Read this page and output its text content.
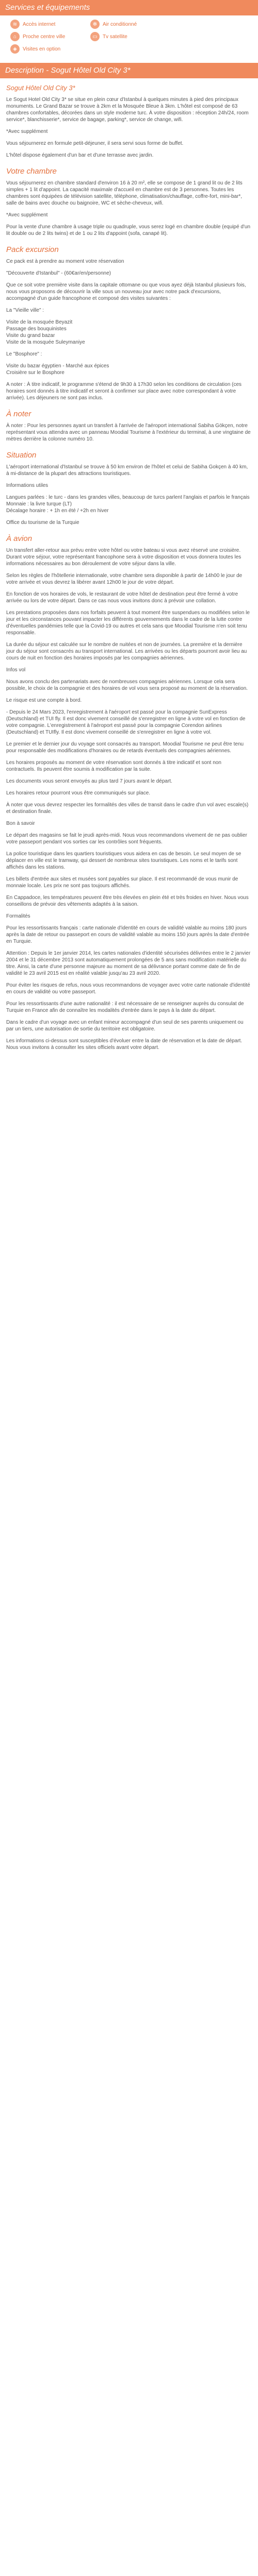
Services et équipements
≋	Accès internet	✻	Air conditionné
⌂	Proche centre ville	▭	Tv satellite
◈	Visites en option
Description - Sogut Hôtel Old City 3*
Sogut Hôtel Old City 3*

Le Sogut Hotel Old City 3* se situe en plein cœur d'Istanbul à quelques minutes à pied des principaux monuments. Le Grand Bazar se trouve à 2km et la Mosquée Bleue à 3km. L'hôtel est composé de 63 chambres confortables, décorées dans un style moderne turc. À votre disposition : réception 24h/24, room service*, blanchisserie*, service de bagage, parking*, service de change, wifi.

*Avec supplément

Vous séjournerez en formule petit-déjeuner, il sera servi sous forme de buffet.

L'hôtel dispose également d'un bar et d'une terrasse avec jardin.

Votre chambre

Vous séjournerez en chambre standard d'environ 16 à 20 m², elle se compose de 1 grand lit ou de 2 lits simples + 1 lit d'appoint. La capacité maximale d'accueil en chambre est de 3 personnes. Toutes les chambres sont équipées de télévision satellite, téléphone, climatisation/chauffage, coffre-fort, mini-bar*, salle de bains avec douche ou baignoire, WC et sèche-cheveux, wifi.

*Avec supplément

Pour la vente d'une chambre à usage triple ou quadruple, vous serez logé en chambre double (equipé d'un lit double ou de 2 lits twins) et de 1 ou 2 lits d'appoint (sofa, canapé lit).

Pack excursion

Ce pack est à prendre au moment votre réservation

"Découverte d'Istanbul" - (60€ar/en/personne)

Que ce soit votre première visite dans la capitale ottomane ou que vous ayez déjà Istanbul plusieurs fois, nous vous proposons de découvrir la ville sous un nouveau jour avec notre pack d'excursions, accompagné d'un guide francophone et composé des visites suivantes :

La "Vieille ville" :

Visite de la mosquée Beyazit
Passage des bouquinistes
Visite du grand bazar
Visite de la mosquée Suleymaniye

Le "Bosphore" :

Visite du bazar égyptien - Marché aux épices
Croisière sur le Bosphore

A noter : À titre indicatif, le programme s'étend de 9h30 à 17h30 selon les conditions de circulation (ces horaires sont donnés à titre indicatif et seront à confirmer sur place avec notre correspondant à votre arrivée). Les déjeuners ne sont pas inclus.

À noter

À noter : Pour les personnes ayant un transfert à l'arrivée de l'aéroport international Sabiha Gökçen, notre représentant vous attendra avec un panneau Moodial Tourisme à l'extérieur du terminal, à une vingtaine de mètres derrière la colonne numéro 10.

Situation

L'aéroport international d'Istanbul se trouve à 50 km environ de l'hôtel et celui de Sabiha Gokçen à 40 km, à mi-distance de la plupart des attractions touristiques.

Informations utiles

Langues parlées : le turc - dans les grandes villes, beaucoup de turcs parlent l'anglais et parfois le français
Monnaie : la livre turque (LT)
Décalage horaire : + 1h en été / +2h en hiver

Office du tourisme de la Turquie

À avion

Un transfert aller-retour aux prévu entre votre hôtel ou votre bateau si vous avez réservé une croisière. Durant votre séjour, votre représentant francophone sera à votre disposition et vous donnera toutes les informations nécessaires au bon déroulement de votre séjour dans la ville.

Selon les règles de l'hôtellerie internationale, votre chambre sera disponible à partir de 14h00 le jour de votre arrivée et vous devrez la libérer avant 12h00 le jour de votre départ.

En fonction de vos horaires de vols, le restaurant de votre hôtel de destination peut être fermé à votre arrivée ou lors de votre départ. Dans ce cas nous vous invitons donc à prévoir une collation.

Les prestations proposées dans nos forfaits peuvent à tout moment être suspendues ou modifiées selon le jour et les circonstances pouvant impacter les différents gouvernements dans le cadre de la lutte contre d'éventuelles pandémies telle que la Covid-19 ou autres et cela sans que Moodial Tourisme n'en soit tenu responsable.

La durée du séjour est calculée sur le nombre de nuitées et non de journées. La première et la dernière jour du séjour sont consacrés au transport international. Les arrivées ou les départs pourront avoir lieu au cours de nuit en fonction des horaires imposés par les compagnies aériennes.

Infos vol

Nous avons conclu des partenariats avec de nombreuses compagnies aériennes. Lorsque cela sera possible, le choix de la compagnie et des horaires de vol vous sera proposé au moment de la réservation.

Le risque est une compte à bord.

- Depuis le 24 Mars 2023, l'enregistrement à l'aéroport est passé pour la compagnie SunExpress (Deutschland) et TUI fly. Il est donc vivement conseillé de s'enregistrer en ligne à votre vol en fonction de votre compagnie. L'enregistrement à l'aéroport est passé pour la compagnie Corendon airlines (Deutschland) et TUIfly. Il est donc vivement conseillé de s'enregistrer en ligne à votre vol.

Le premier et le dernier jour du voyage sont consacrés au transport. Moodial Tourisme ne peut être tenu pour responsable des modifications d'horaires ou de retards éventuels des compagnies aériennes.

Les horaires proposés au moment de votre réservation sont donnés à titre indicatif et sont non contractuels. Ils peuvent être soumis à modification par la suite.

Les documents vous seront envoyés au plus tard 7 jours avant le départ.

Les horaires retour pourront vous être communiqués sur place.

À noter que vous devrez respecter les formalités des villes de transit dans le cadre d'un vol avec escale(s) et destination finale.

Bon à savoir

Le départ des magasins se fait le jeudi après-midi. Nous vous recommandons vivement de ne pas oublier votre passeport pendant vos sorties car les contrôles sont fréquents.

La police touristique dans les quartiers touristiques vous aidera en cas de besoin. Le seul moyen de se déplacer en ville est le tramway, qui dessert de nombreux sites touristiques. Les noms et le tarifs sont affichés dans les stations.

Les billets d'entrée aux sites et musées sont payables sur place. Il est recommandé de vous munir de monnaie locale. Les prix ne sont pas toujours affichés.

En Cappadoce, les températures peuvent être très élevées en plein été et très froides en hiver. Nous vous conseillons de prévoir des vêtements adaptés à la saison.

Formalités

Pour les ressortissants français : carte nationale d'identité en cours de validité valable au moins 180 jours après la date de retour ou passeport en cours de validité valable au moins 150 jours après la date d'entrée en Turquie.

Attention : Depuis le 1er janvier 2014, les cartes nationales d'identité sécurisées délivrées entre le 2 janvier 2004 et le 31 décembre 2013 sont automatiquement prolongées de 5 ans sans modification matérielle du titre. Ainsi, la carte d'une personne majeure au moment de sa délivrance portant comme date de fin de validité le 23 avril 2015 est en réalité valable jusqu'au 23 avril 2020.

Pour éviter les risques de refus, nous vous recommandons de voyager avec votre carte nationale d'identité en cours de validité ou votre passeport.

Pour les ressortissants d'une autre nationalité : il est nécessaire de se renseigner auprès du consulat de Turquie en France afin de connaître les modalités d'entrée dans le pays à la date du départ.

Dans le cadre d'un voyage avec un enfant mineur accompagné d'un seul de ses parents uniquement ou par un tiers, une autorisation de sortie du territoire est obligatoire.

Les informations ci-dessus sont susceptibles d'évoluer entre la date de réservation et la date de départ. Nous vous invitons à consulter les sites officiels avant votre départ.
